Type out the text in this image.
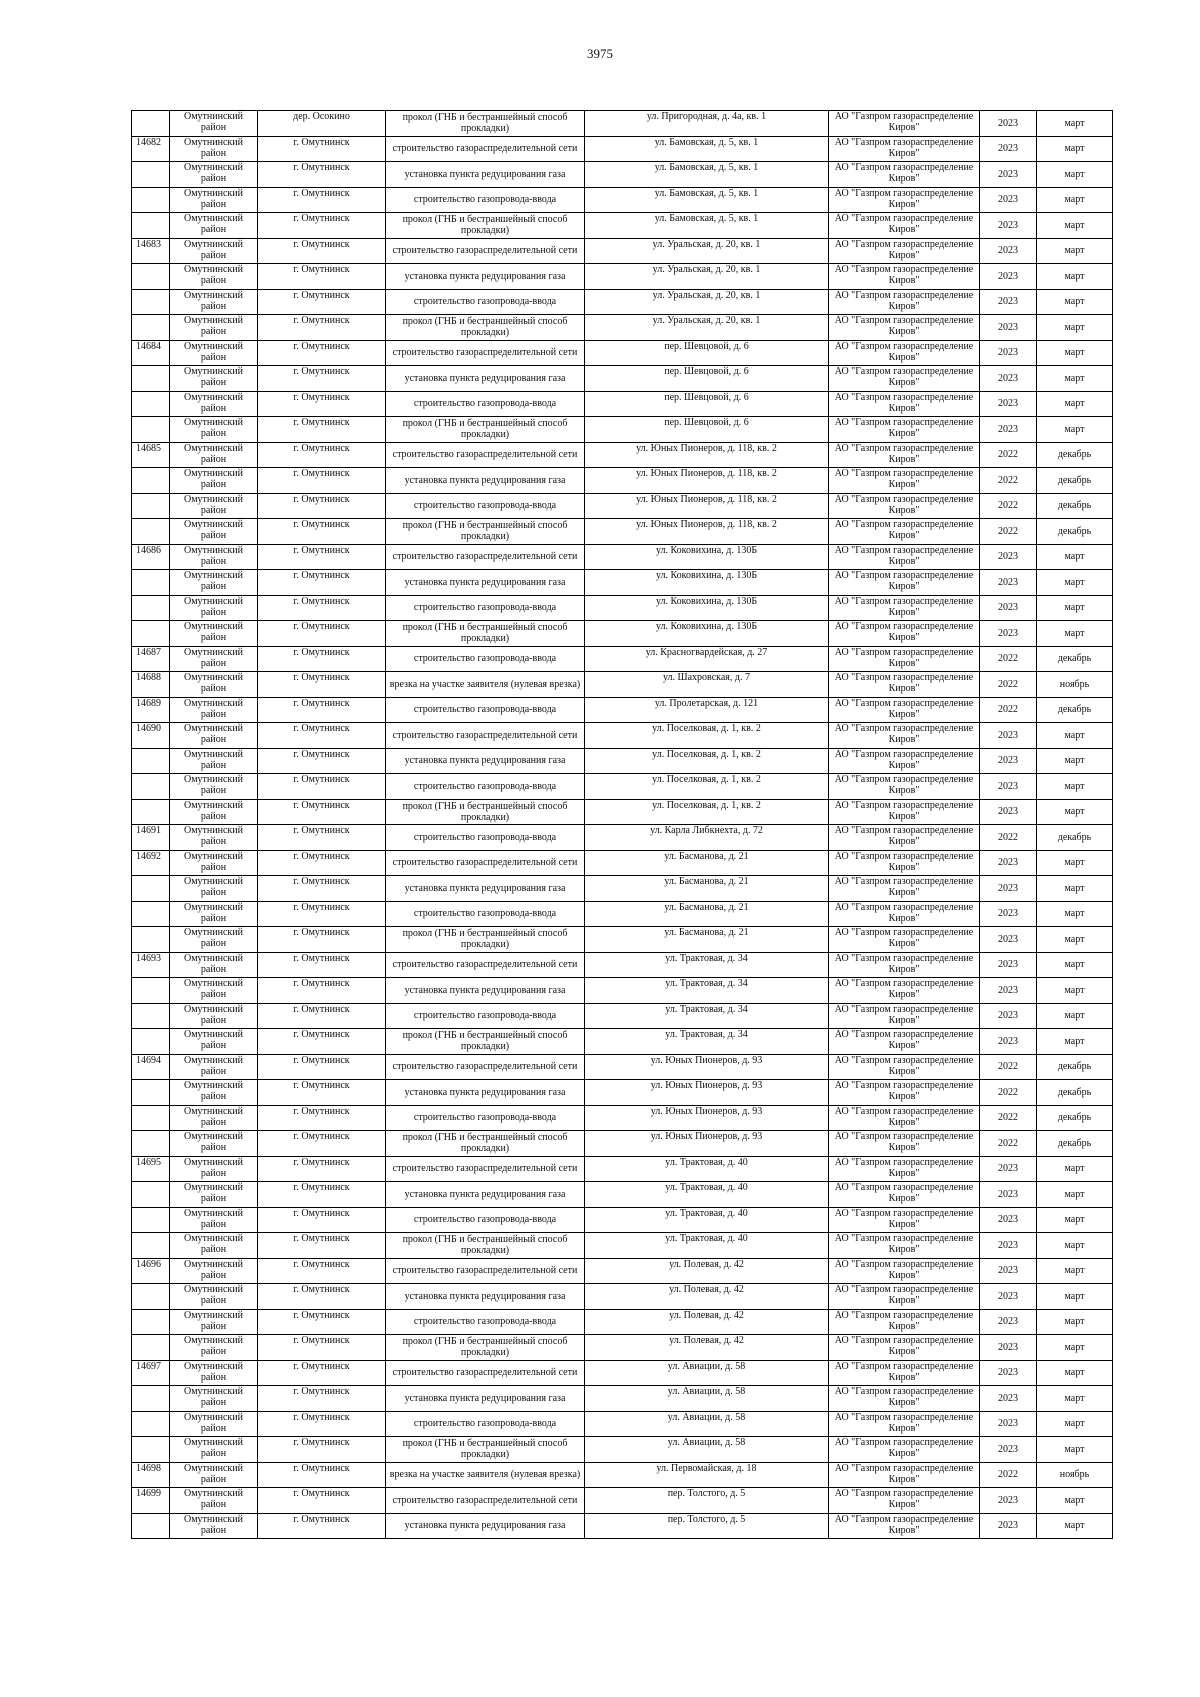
3975

	Омутнинский район	дер. Осокино	прокол (ГНБ и бестраншейный способ прокладки)	ул. Пригородная, д. 4а, кв. 1	АО "Газпром газораспределение Киров"	2023	март

14682	Омутнинский район	г. Омутнинск	строительство газораспределительной сети	ул. Бамовская, д. 5, кв. 1	АО "Газпром газораспределение Киров"	2023	март

	Омутнинский район	г. Омутнинск	установка пункта редуцирования газа	ул. Бамовская, д. 5, кв. 1	АО "Газпром газораспределение Киров"	2023	март

	Омутнинский район	г. Омутнинск	строительство газопровода-ввода	ул. Бамовская, д. 5, кв. 1	АО "Газпром газораспределение Киров"	2023	март

	Омутнинский район	г. Омутнинск	прокол (ГНБ и бестраншейный способ прокладки)	ул. Бамовская, д. 5, кв. 1	АО "Газпром газораспределение Киров"	2023	март

14683	Омутнинский район	г. Омутнинск	строительство газораспределительной сети	ул. Уральская, д. 20, кв. 1	АО "Газпром газораспределение Киров"	2023	март

	Омутнинский район	г. Омутнинск	установка пункта редуцирования газа	ул. Уральская, д. 20, кв. 1	АО "Газпром газораспределение Киров"	2023	март

	Омутнинский район	г. Омутнинск	строительство газопровода-ввода	ул. Уральская, д. 20, кв. 1	АО "Газпром газораспределение Киров"	2023	март

	Омутнинский район	г. Омутнинск	прокол (ГНБ и бестраншейный способ прокладки)	ул. Уральская, д. 20, кв. 1	АО "Газпром газораспределение Киров"	2023	март

14684	Омутнинский район	г. Омутнинск	строительство газораспределительной сети	пер. Шевцовой, д. 6	АО "Газпром газораспределение Киров"	2023	март

	Омутнинский район	г. Омутнинск	установка пункта редуцирования газа	пер. Шевцовой, д. 6	АО "Газпром газораспределение Киров"	2023	март

	Омутнинский район	г. Омутнинск	строительство газопровода-ввода	пер. Шевцовой, д. 6	АО "Газпром газораспределение Киров"	2023	март

	Омутнинский район	г. Омутнинск	прокол (ГНБ и бестраншейный способ прокладки)	пер. Шевцовой, д. 6	АО "Газпром газораспределение Киров"	2023	март

14685	Омутнинский район	г. Омутнинск	строительство газораспределительной сети	ул. Юных Пионеров, д. 118, кв. 2	АО "Газпром газораспределение Киров"	2022	декабрь

	Омутнинский район	г. Омутнинск	установка пункта редуцирования газа	ул. Юных Пионеров, д. 118, кв. 2	АО "Газпром газораспределение Киров"	2022	декабрь

	Омутнинский район	г. Омутнинск	строительство газопровода-ввода	ул. Юных Пионеров, д. 118, кв. 2	АО "Газпром газораспределение Киров"	2022	декабрь

	Омутнинский район	г. Омутнинск	прокол (ГНБ и бестраншейный способ прокладки)	ул. Юных Пионеров, д. 118, кв. 2	АО "Газпром газораспределение Киров"	2022	декабрь

14686	Омутнинский район	г. Омутнинск	строительство газораспределительной сети	ул. Коковихина, д. 130Б	АО "Газпром газораспределение Киров"	2023	март

	Омутнинский район	г. Омутнинск	установка пункта редуцирования газа	ул. Коковихина, д. 130Б	АО "Газпром газораспределение Киров"	2023	март

	Омутнинский район	г. Омутнинск	строительство газопровода-ввода	ул. Коковихина, д. 130Б	АО "Газпром газораспределение Киров"	2023	март

	Омутнинский район	г. Омутнинск	прокол (ГНБ и бестраншейный способ прокладки)	ул. Коковихина, д. 130Б	АО "Газпром газораспределение Киров"	2023	март

14687	Омутнинский район	г. Омутнинск	строительство газопровода-ввода	ул. Красногвардейская, д. 27	АО "Газпром газораспределение Киров"	2022	декабрь

14688	Омутнинский район	г. Омутнинск	врезка на участке заявителя (нулевая врезка)	ул. Шахровская, д. 7	АО "Газпром газораспределение Киров"	2022	ноябрь

14689	Омутнинский район	г. Омутнинск	строительство газопровода-ввода	ул. Пролетарская, д. 121	АО "Газпром газораспределение Киров"	2022	декабрь

14690	Омутнинский район	г. Омутнинск	строительство газораспределительной сети	ул. Поселковая, д. 1, кв. 2	АО "Газпром газораспределение Киров"	2023	март

	Омутнинский район	г. Омутнинск	установка пункта редуцирования газа	ул. Поселковая, д. 1, кв. 2	АО "Газпром газораспределение Киров"	2023	март

	Омутнинский район	г. Омутнинск	строительство газопровода-ввода	ул. Поселковая, д. 1, кв. 2	АО "Газпром газораспределение Киров"	2023	март

	Омутнинский район	г. Омутнинск	прокол (ГНБ и бестраншейный способ прокладки)	ул. Поселковая, д. 1, кв. 2	АО "Газпром газораспределение Киров"	2023	март

14691	Омутнинский район	г. Омутнинск	строительство газопровода-ввода	ул. Карла Либкнехта, д. 72	АО "Газпром газораспределение Киров"	2022	декабрь

14692	Омутнинский район	г. Омутнинск	строительство газораспределительной сети	ул. Басманова, д. 21	АО "Газпром газораспределение Киров"	2023	март

	Омутнинский район	г. Омутнинск	установка пункта редуцирования газа	ул. Басманова, д. 21	АО "Газпром газораспределение Киров"	2023	март

	Омутнинский район	г. Омутнинск	строительство газопровода-ввода	ул. Басманова, д. 21	АО "Газпром газораспределение Киров"	2023	март

	Омутнинский район	г. Омутнинск	прокол (ГНБ и бестраншейный способ прокладки)	ул. Басманова, д. 21	АО "Газпром газораспределение Киров"	2023	март

14693	Омутнинский район	г. Омутнинск	строительство газораспределительной сети	ул. Трактовая, д. 34	АО "Газпром газораспределение Киров"	2023	март

	Омутнинский район	г. Омутнинск	установка пункта редуцирования газа	ул. Трактовая, д. 34	АО "Газпром газораспределение Киров"	2023	март

	Омутнинский район	г. Омутнинск	строительство газопровода-ввода	ул. Трактовая, д. 34	АО "Газпром газораспределение Киров"	2023	март

	Омутнинский район	г. Омутнинск	прокол (ГНБ и бестраншейный способ прокладки)	ул. Трактовая, д. 34	АО "Газпром газораспределение Киров"	2023	март

14694	Омутнинский район	г. Омутнинск	строительство газораспределительной сети	ул. Юных Пионеров, д. 93	АО "Газпром газораспределение Киров"	2022	декабрь

	Омутнинский район	г. Омутнинск	установка пункта редуцирования газа	ул. Юных Пионеров, д. 93	АО "Газпром газораспределение Киров"	2022	декабрь

	Омутнинский район	г. Омутнинск	строительство газопровода-ввода	ул. Юных Пионеров, д. 93	АО "Газпром газораспределение Киров"	2022	декабрь

	Омутнинский район	г. Омутнинск	прокол (ГНБ и бестраншейный способ прокладки)	ул. Юных Пионеров, д. 93	АО "Газпром газораспределение Киров"	2022	декабрь

14695	Омутнинский район	г. Омутнинск	строительство газораспределительной сети	ул. Трактовая, д. 40	АО "Газпром газораспределение Киров"	2023	март

	Омутнинский район	г. Омутнинск	установка пункта редуцирования газа	ул. Трактовая, д. 40	АО "Газпром газораспределение Киров"	2023	март

	Омутнинский район	г. Омутнинск	строительство газопровода-ввода	ул. Трактовая, д. 40	АО "Газпром газораспределение Киров"	2023	март

	Омутнинский район	г. Омутнинск	прокол (ГНБ и бестраншейный способ прокладки)	ул. Трактовая, д. 40	АО "Газпром газораспределение Киров"	2023	март

14696	Омутнинский район	г. Омутнинск	строительство газораспределительной сети	ул. Полевая, д. 42	АО "Газпром газораспределение Киров"	2023	март

	Омутнинский район	г. Омутнинск	установка пункта редуцирования газа	ул. Полевая, д. 42	АО "Газпром газораспределение Киров"	2023	март

	Омутнинский район	г. Омутнинск	строительство газопровода-ввода	ул. Полевая, д. 42	АО "Газпром газораспределение Киров"	2023	март

	Омутнинский район	г. Омутнинск	прокол (ГНБ и бестраншейный способ прокладки)	ул. Полевая, д. 42	АО "Газпром газораспределение Киров"	2023	март

14697	Омутнинский район	г. Омутнинск	строительство газораспределительной сети	ул. Авиации, д. 58	АО "Газпром газораспределение Киров"	2023	март

	Омутнинский район	г. Омутнинск	установка пункта редуцирования газа	ул. Авиации, д. 58	АО "Газпром газораспределение Киров"	2023	март

	Омутнинский район	г. Омутнинск	строительство газопровода-ввода	ул. Авиации, д. 58	АО "Газпром газораспределение Киров"	2023	март

	Омутнинский район	г. Омутнинск	прокол (ГНБ и бестраншейный способ прокладки)	ул. Авиации, д. 58	АО "Газпром газораспределение Киров"	2023	март

14698	Омутнинский район	г. Омутнинск	врезка на участке заявителя (нулевая врезка)	ул. Первомайская, д. 18	АО "Газпром газораспределение Киров"	2022	ноябрь

14699	Омутнинский район	г. Омутнинск	строительство газораспределительной сети	пер. Толстого, д. 5	АО "Газпром газораспределение Киров"	2023	март

	Омутнинский район	г. Омутнинск	установка пункта редуцирования газа	пер. Толстого, д. 5	АО "Газпром газораспределение Киров"	2023	март
